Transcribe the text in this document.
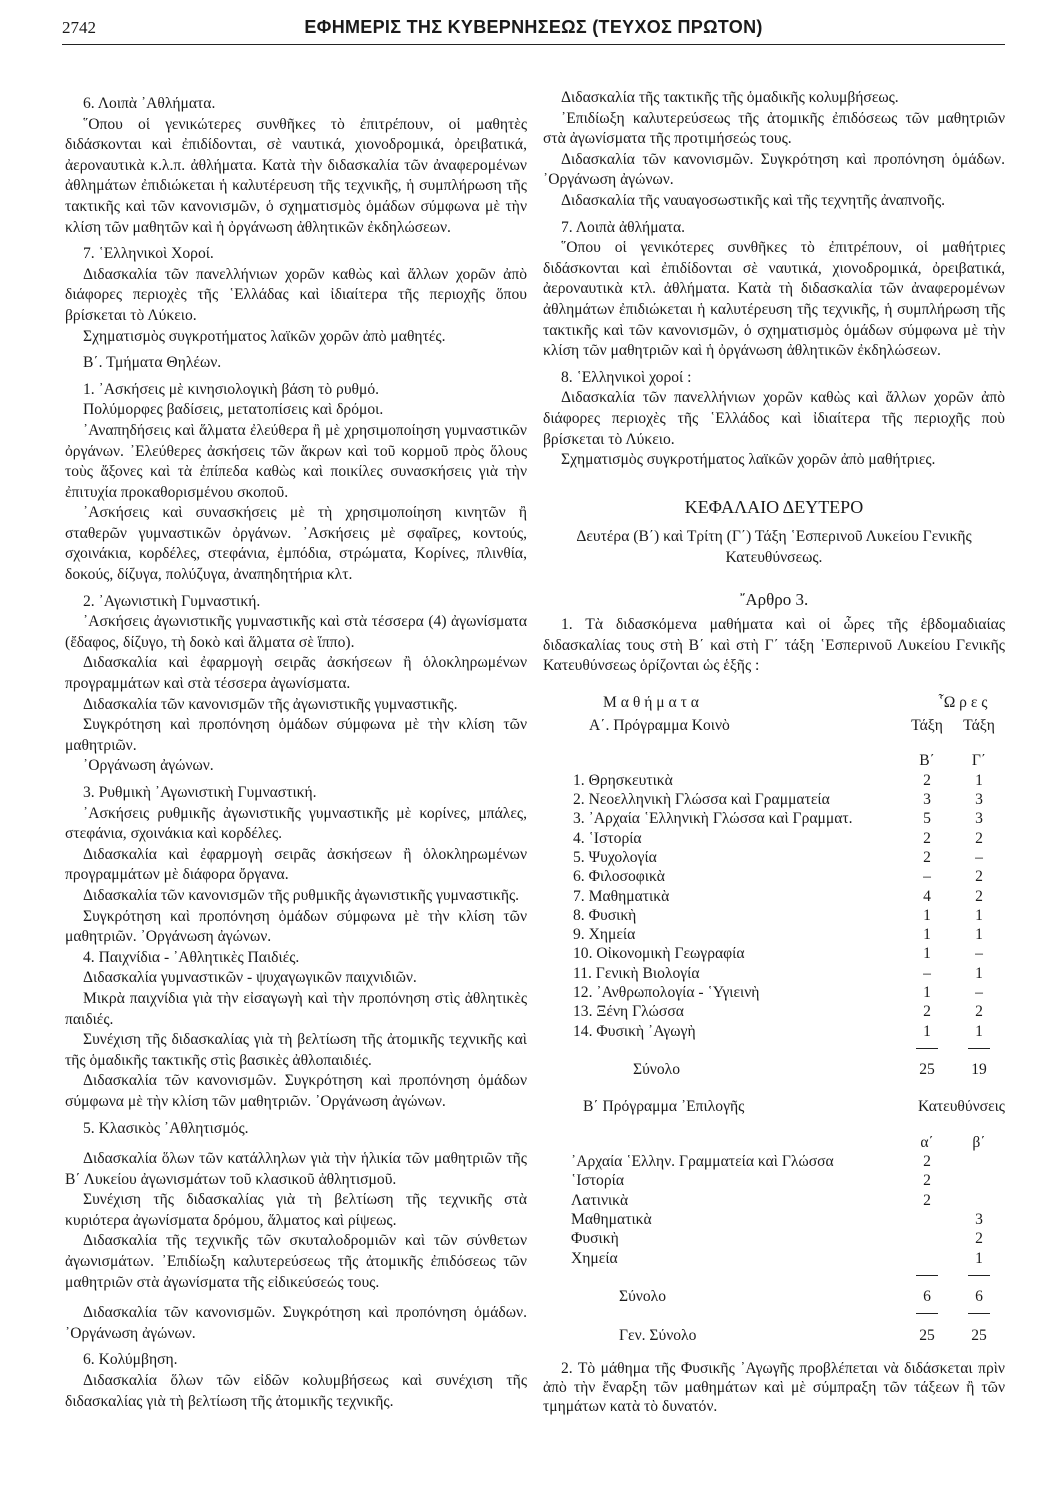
2742	ΕΦΗΜΕΡΙΣ ΤΗΣ ΚΥΒΕΡΝΗΣΕΩΣ (ΤΕΥΧΟΣ ΠΡΩΤΟΝ)

6. Λοιπὰ ᾿Αθλήματα.

῞Οπου οἱ γενικώτερες συνθῆκες τὸ ἐπιτρέπουν, οἱ μαθητὲς διδάσκονται καὶ ἐπιδίδονται, σὲ ναυτικά, χιονοδρομικά, ὀρειβατικά, ἀεροναυτικὰ κ.λ.π. ἀθλήματα. Κατὰ τὴν διδασκαλία τῶν ἀναφερομένων ἀθλημάτων ἐπιδιώκεται ἡ καλυτέρευση τῆς τεχνικῆς, ἡ συμπλήρωση τῆς τακτικῆς καὶ τῶν κανονισμῶν, ὁ σχηματισμὸς ὁμάδων σύμφωνα μὲ τὴν κλίση τῶν μαθητῶν καὶ ἡ ὀργάνωση ἀθλητικῶν ἐκδηλώσεων.

7. ῾Ελληνικοὶ Χοροί.

Διδασκαλία τῶν πανελλήνιων χορῶν καθὼς καὶ ἄλλων χορῶν ἀπὸ διάφορες περιοχὲς τῆς ῾Ελλάδας καὶ ἰδιαίτερα τῆς περιοχῆς ὅπου βρίσκεται τὸ Λύκειο.

Σχηματισμὸς συγκροτήματος λαϊκῶν χορῶν ἀπὸ μαθητές.

Β΄. Τμήματα Θηλέων.

1. ᾿Ασκήσεις μὲ κινησιολογικὴ βάση τὸ ρυθμό.

Πολύμορφες βαδίσεις, μετατοπίσεις καὶ δρόμοι.

᾿Αναπηδήσεις καὶ ἅλματα ἐλεύθερα ἢ μὲ χρησιμοποίηση γυμναστικῶν ὀργάνων. ᾿Ελεύθερες ἀσκήσεις τῶν ἄκρων καὶ τοῦ κορμοῦ πρὸς ὅλους τοὺς ἄξονες καὶ τὰ ἐπίπεδα καθὼς καὶ ποικίλες συνασκήσεις γιὰ τὴν ἐπιτυχία προκαθορισμένου σκοποῦ.

᾿Ασκήσεις καὶ συνασκήσεις μὲ τὴ χρησιμοποίηση κινητῶν ἢ σταθερῶν γυμναστικῶν ὀργάνων. ᾿Ασκήσεις μὲ σφαῖρες, κοντούς, σχοινάκια, κορδέλες, στεφάνια, ἐμπόδια, στρώματα, Κορίνες, πλινθία, δοκούς, δίζυγα, πολύζυγα, ἀναπηδητήρια κλτ.

2. ᾿Αγωνιστικὴ Γυμναστική.

᾿Ασκήσεις ἀγωνιστικῆς γυμναστικῆς καὶ στὰ τέσσερα (4) ἀγωνίσματα (ἔδαφος, δίζυγο, τὴ δοκὸ καὶ ἅλματα σὲ ἵππο).

Διδασκαλία καὶ ἐφαρμογὴ σειρᾶς ἀσκήσεων ἢ ὁλοκληρωμένων προγραμμάτων καὶ στὰ τέσσερα ἀγωνίσματα.

Διδασκαλία τῶν κανονισμῶν τῆς ἀγωνιστικῆς γυμναστικῆς.

Συγκρότηση καὶ προπόνηση ὁμάδων σύμφωνα μὲ τὴν κλίση τῶν μαθητριῶν.

᾿Οργάνωση ἀγώνων.

3. Ρυθμικὴ ᾿Αγωνιστικὴ Γυμναστική.

᾿Ασκήσεις ρυθμικῆς ἀγωνιστικῆς γυμναστικῆς μὲ κορίνες, μπάλες, στεφάνια, σχοινάκια καὶ κορδέλες.

Διδασκαλία καὶ ἐφαρμογὴ σειρᾶς ἀσκήσεων ἢ ὁλοκληρωμένων προγραμμάτων μὲ διάφορα ὄργανα.

Διδασκαλία τῶν κανονισμῶν τῆς ρυθμικῆς ἀγωνιστικῆς γυμναστικῆς.

Συγκρότηση καὶ προπόνηση ὁμάδων σύμφωνα μὲ τὴν κλίση τῶν μαθητριῶν. ᾿Οργάνωση ἀγώνων.

4. Παιχνίδια - ᾿Αθλητικὲς Παιδιές.

Διδασκαλία γυμναστικῶν - ψυχαγωγικῶν παιχνιδιῶν.

Μικρὰ παιχνίδια γιὰ τὴν εἰσαγωγὴ καὶ τὴν προπόνηση στὶς ἀθλητικὲς παιδιές.

Συνέχιση τῆς διδασκαλίας γιὰ τὴ βελτίωση τῆς ἀτομικῆς τεχνικῆς καὶ τῆς ὁμαδικῆς τακτικῆς στὶς βασικὲς ἀθλοπαιδιές.

Διδασκαλία τῶν κανονισμῶν. Συγκρότηση καὶ προπόνηση ὁμάδων σύμφωνα μὲ τὴν κλίση τῶν μαθητριῶν. ᾿Οργάνωση ἀγώνων.

5. Κλασικὸς ᾿Αθλητισμός.

Διδασκαλία ὅλων τῶν κατάλληλων γιὰ τὴν ἡλικία τῶν μαθητριῶν τῆς Β΄ Λυκείου ἀγωνισμάτων τοῦ κλασικοῦ ἀθλητισμοῦ.

Συνέχιση τῆς διδασκαλίας γιὰ τὴ βελτίωση τῆς τεχνικῆς στὰ κυριότερα ἀγωνίσματα δρόμου, ἅλματος καὶ ρίψεως.

Διδασκαλία τῆς τεχνικῆς τῶν σκυταλοδρομιῶν καὶ τῶν σύνθετων ἀγωνισμάτων. ᾿Επιδίωξη καλυτερεύσεως τῆς ἀτομικῆς ἐπιδόσεως τῶν μαθητριῶν στὰ ἀγωνίσματα τῆς εἰδικεύσεώς τους.

Διδασκαλία τῶν κανονισμῶν. Συγκρότηση καὶ προπόνηση ὁμάδων. ᾿Οργάνωση ἀγώνων.

6. Κολύμβηση.

Διδασκαλία ὅλων τῶν εἰδῶν κολυμβήσεως καὶ συνέχιση τῆς διδασκαλίας γιὰ τὴ βελτίωση τῆς ἀτομικῆς τεχνικῆς.

Διδασκαλία τῆς τακτικῆς τῆς ὁμαδικῆς κολυμβήσεως.

᾿Επιδίωξη καλυτερεύσεως τῆς ἀτομικῆς ἐπιδόσεως τῶν μαθητριῶν στὰ ἀγωνίσματα τῆς προτιμήσεώς τους.

Διδασκαλία τῶν κανονισμῶν. Συγκρότηση καὶ προπόνηση ὁμάδων. ᾿Οργάνωση ἀγώνων.

Διδασκαλία τῆς ναυαγοσωστικῆς καὶ τῆς τεχνητῆς ἀναπνοῆς.

7. Λοιπὰ ἀθλήματα.

῞Οπου οἱ γενικότερες συνθῆκες τὸ ἐπιτρέπουν, οἱ μαθήτριες διδάσκονται καὶ ἐπιδίδονται σὲ ναυτικά, χιονοδρομικά, ὀρειβατικά, ἀεροναυτικὰ κτλ. ἀθλήματα. Κατὰ τὴ διδασκαλία τῶν ἀναφερομένων ἀθλημάτων ἐπιδιώκεται ἡ καλυτέρευση τῆς τεχνικῆς, ἡ συμπλήρωση τῆς τακτικῆς καὶ τῶν κανονισμῶν, ὁ σχηματισμὸς ὁμάδων σύμφωνα μὲ τὴν κλίση τῶν μαθητριῶν καὶ ἡ ὀργάνωση ἀθλητικῶν ἐκδηλώσεων.

8. ῾Ελληνικοὶ χοροί :

Διδασκαλία τῶν πανελλήνιων χορῶν καθὼς καὶ ἄλλων χορῶν ἀπὸ διάφορες περιοχὲς τῆς ῾Ελλάδος καὶ ἰδιαίτερα τῆς περιοχῆς ποὺ βρίσκεται τὸ Λύκειο.

Σχηματισμὸς συγκροτήματος λαϊκῶν χορῶν ἀπὸ μαθήτριες.

ΚΕΦΑΛΑΙΟ ΔΕΥΤΕΡΟ
Δευτέρα (Β΄) καὶ Τρίτη (Γ΄) Τάξη ῾Εσπερινοῦ Λυκείου Γενικῆς Κατευθύνσεως.
῎Αρθρο 3.

1. Τὰ διδασκόμενα μαθήματα καὶ οἱ ὧρες τῆς ἑβδομαδιαίας διδασκαλίας τους στὴ Β΄ καὶ στὴ Γ΄ τάξη ῾Εσπερινοῦ Λυκείου Γενικῆς Κατευθύνσεως ὁρίζονται ὡς ἑξῆς :

Μ α θ ή μ α τ α	῟Ω ρ ε ς	
Α΄. Πρόγραμμα Κοινὸ	Τάξη	Τάξη

	Β΄	Γ΄
1. Θρησκευτικὰ	2	1
2. Νεοελληνικὴ Γλώσσα καὶ Γραμματεία	3	3
3. ᾿Αρχαία ῾Ελληνικὴ Γλώσσα καὶ Γραμματ.	5	3
4. ῾Ιστορία	2	2
5. Ψυχολογία	2	–
6. Φιλοσοφικὰ	–	2
7. Μαθηματικὰ	4	2
8. Φυσικὴ	1	1
9. Χημεία	1	1
10. Οἰκονομικὴ Γεωγραφία	1	–
11. Γενικὴ Βιολογία	–	1
12. ᾿Ανθρωπολογία - ῾Υγιεινὴ	1	–
13. Ξένη Γλώσσα	2	2
14. Φυσικὴ ᾿Αγωγὴ	1	1

Σύνολο	25	19
Β΄ Πρόγραμμα ᾿Επιλογῆς	Κατευθύνσεις	

	α΄	β΄
᾿Αρχαία ῾Ελλην. Γραμματεία καὶ Γλώσσα	2	
῾Ιστορία	2	
Λατινικὰ	2	
Μαθηματικὰ		3
Φυσικὴ		2
Χημεία		1

Σύνολο	6	6

Γεν. Σύνολο	25	25

2. Τὸ μάθημα τῆς Φυσικῆς ᾿Αγωγῆς προβλέπεται νὰ διδάσκεται πρὶν ἀπὸ τὴν ἔναρξη τῶν μαθημάτων καὶ μὲ σύμπραξη τῶν τάξεων ἢ τῶν τμημάτων κατὰ τὸ δυνατόν.
